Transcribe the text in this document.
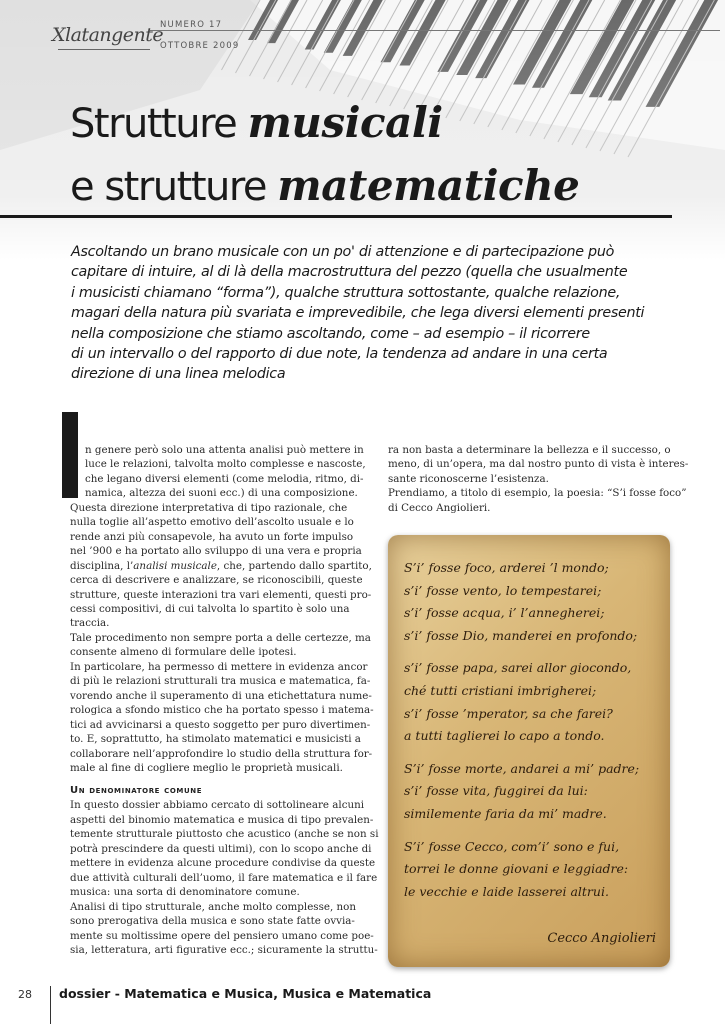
Xlatangente
NUMERO 17
OTTOBRE 2009
Strutture musicali
e strutture matematiche
Ascoltando un brano musicale con un po' di attenzione e di partecipazione può
capitare di intuire, al di là della macrostruttura del pezzo (quella che usualmente
i musicisti chiamano “forma”), qualche struttura sottostante, qualche relazione,
magari della natura più svariata e imprevedibile, che lega diversi elementi presenti
nella composizione che stiamo ascoltando, come – ad esempio – il ricorrere
di un intervallo o del rapporto di due note, la tendenza ad andare in una certa
direzione di una linea melodica
n genere però solo una attenta analisi può mettere in
luce le relazioni, talvolta molto complesse e nascoste,
che legano diversi elementi (come melodia, ritmo, di-
namica, altezza dei suoni ecc.) di una composizione.
Questa direzione interpretativa di tipo razionale, che
nulla toglie all’aspetto emotivo dell’ascolto usuale e lo
rende anzi più consapevole, ha avuto un forte impulso
nel ’900 e ha portato allo sviluppo di una vera e propria
disciplina, l’analisi musicale, che, partendo dallo spartito,
cerca di descrivere e analizzare, se riconoscibili, queste
strutture, queste interazioni tra vari elementi, questi pro-
cessi compositivi, di cui talvolta lo spartito è solo una
traccia.
Tale procedimento non sempre porta a delle certezze, ma
consente almeno di formulare delle ipotesi.
In particolare, ha permesso di mettere in evidenza ancor
di più le relazioni strutturali tra musica e matematica, fa-
vorendo anche il superamento di una etichettatura nume-
rologica a sfondo mistico che ha portato spesso i matema-
tici ad avvicinarsi a questo soggetto per puro divertimen-
to. E, soprattutto, ha stimolato matematici e musicisti a
collaborare nell’approfondire lo studio della struttura for-
male al fine di cogliere meglio le proprietà musicali.
Un denominatore comune
In questo dossier abbiamo cercato di sottolineare alcuni
aspetti del binomio matematica e musica di tipo prevalen-
temente strutturale piuttosto che acustico (anche se non si
potrà prescindere da questi ultimi), con lo scopo anche di
mettere in evidenza alcune procedure condivise da queste
due attività culturali dell’uomo, il fare matematica e il fare
musica: una sorta di denominatore comune.
Analisi di tipo strutturale, anche molto complesse, non
sono prerogativa della musica e sono state fatte ovvia-
mente su moltissime opere del pensiero umano come poe-
sia, letteratura, arti figurative ecc.; sicuramente la struttu-
ra non basta a determinare la bellezza e il successo, o
meno, di un’opera, ma dal nostro punto di vista è interes-
sante riconoscerne l’esistenza.
Prendiamo, a titolo di esempio, la poesia: “S’i fosse foco”
di Cecco Angiolieri.
S’i’ fosse foco, arderei ’l mondo;
s’i’ fosse vento, lo tempestarei;
s’i’ fosse acqua, i’ l’annegherei;
s’i’ fosse Dio, manderei en profondo;
s’i’ fosse papa, sarei allor giocondo,
ché tutti cristiani imbrigherei;
s’i’ fosse ’mperator, sa che farei?
a tutti taglierei lo capo a tondo.
S’i’ fosse morte, andarei a mi’ padre;
s’i’ fosse vita, fuggirei da lui:
similemente faria da mi’ madre.
S’i’ fosse Cecco, com’i’ sono e fui,
torrei le donne giovani e leggiadre:
le vecchie e laide lasserei altrui.
Cecco Angiolieri
28 dossier - Matematica e Musica, Musica e Matematica
